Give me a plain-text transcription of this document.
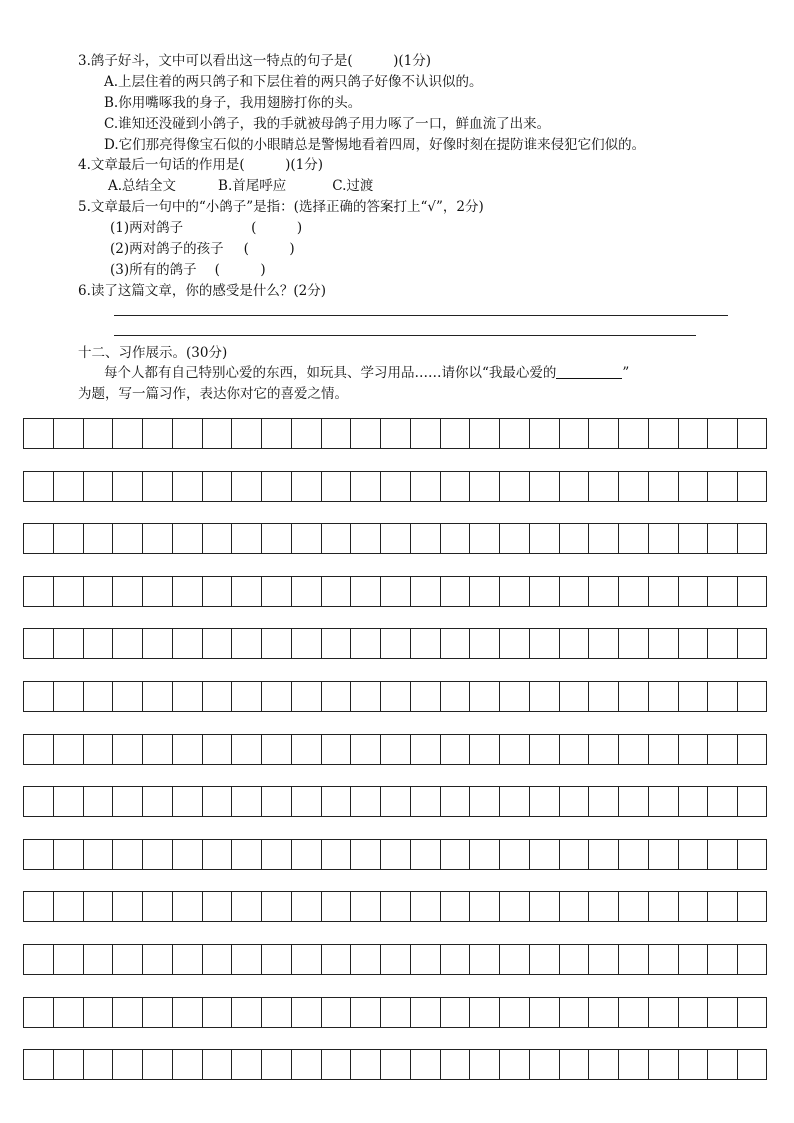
3.鸽子好斗，文中可以看出这一特点的句子是(　　　)(1分)
A.上层住着的两只鸽子和下层住着的两只鸽子好像不认识似的。
B.你用嘴啄我的身子，我用翅膀打你的头。
C.谁知还没碰到小鸽子，我的手就被母鸽子用力啄了一口，鲜血流了出来。
D.它们那亮得像宝石似的小眼睛总是警惕地看着四周，好像时刻在提防谁来侵犯它们似的。
4.文章最后一句话的作用是(　　　)(1分)
A.总结全文	B.首尾呼应	C.过渡
5.文章最后一句中的“小鸽子”是指：(选择正确的答案打上“√”，2分)
(1)两对鸽子	(　　　)
(2)两对鸽子的孩子 (　　　)
(3)所有的鸽子 (　　　)
6.读了这篇文章，你的感受是什么？(2分)
十二、习作展示。(30分)
每个人都有自己特别心爱的东西，如玩具、学习用品……请你以“我最心爱的	”
为题，写一篇习作，表达你对它的喜爱之情。
